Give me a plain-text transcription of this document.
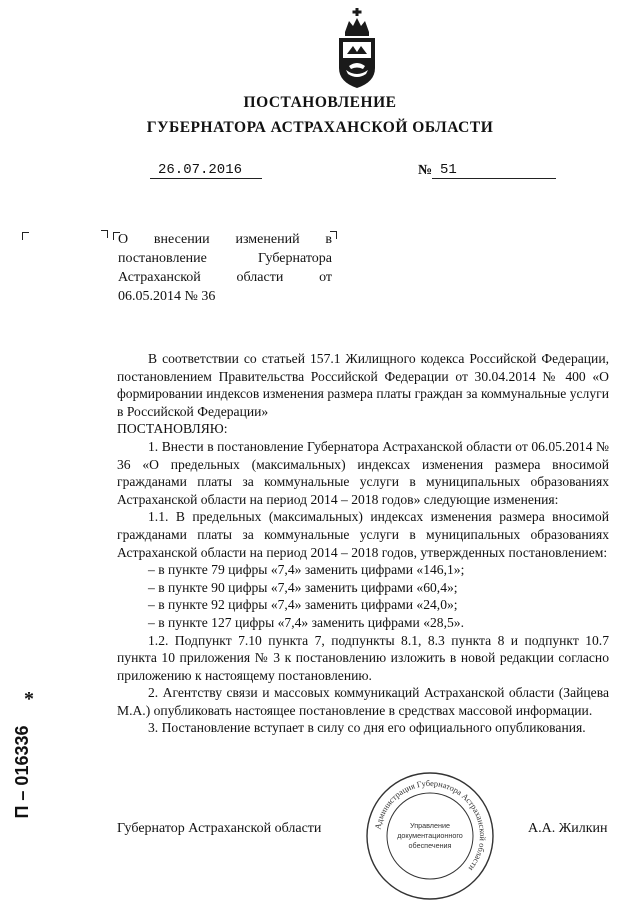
ПОСТАНОВЛЕНИЕ
ГУБЕРНАТОРА АСТРАХАНСКОЙ ОБЛАСТИ
26.07.2016	№ 51
О внесении изменений в постановление Губернатора Астраханской области от 06.05.2014 № 36

В соответствии со статьей 157.1 Жилищного кодекса Российской Федерации, постановлением Правительства Российской Федерации от 30.04.2014 № 400 «О формировании индексов изменения размера платы граждан за коммунальные услуги в Российской Федерации»

ПОСТАНОВЛЯЮ:

1. Внести в постановление Губернатора Астраханской области от 06.05.2014 № 36 «О предельных (максимальных) индексах изменения размера вносимой гражданами платы за коммунальные услуги в муниципальных образованиях Астраханской области на период 2014 – 2018 годов» следующие изменения:

1.1. В предельных (максимальных) индексах изменения размера вносимой гражданами платы за коммунальные услуги в муниципальных образованиях Астраханской области на период 2014 – 2018 годов, утвержденных постановлением:

– в пункте 79 цифры «7,4» заменить цифрами «146,1»;
– в пункте 90 цифры «7,4» заменить цифрами «60,4»;
– в пункте 92 цифры «7,4» заменить цифрами «24,0»;
– в пункте 127 цифры «7,4» заменить цифрами «28,5».

1.2. Подпункт 7.10 пункта 7, подпункты 8.1, 8.3 пункта 8 и подпункт 10.7 пункта 10 приложения № 3 к постановлению изложить в новой редакции согласно приложению к настоящему постановлению.

2. Агентству связи и массовых коммуникаций Астраханской области (Зайцева М.А.) опубликовать настоящее постановление в средствах массовой информации.

3. Постановление вступает в силу со дня его официального опубликования.

*
П – 016336
Губернатор Астраханской области	А.А. Жилкин
Администрация Губернатора Астраханской области
Управление
документационного
обеспечения
